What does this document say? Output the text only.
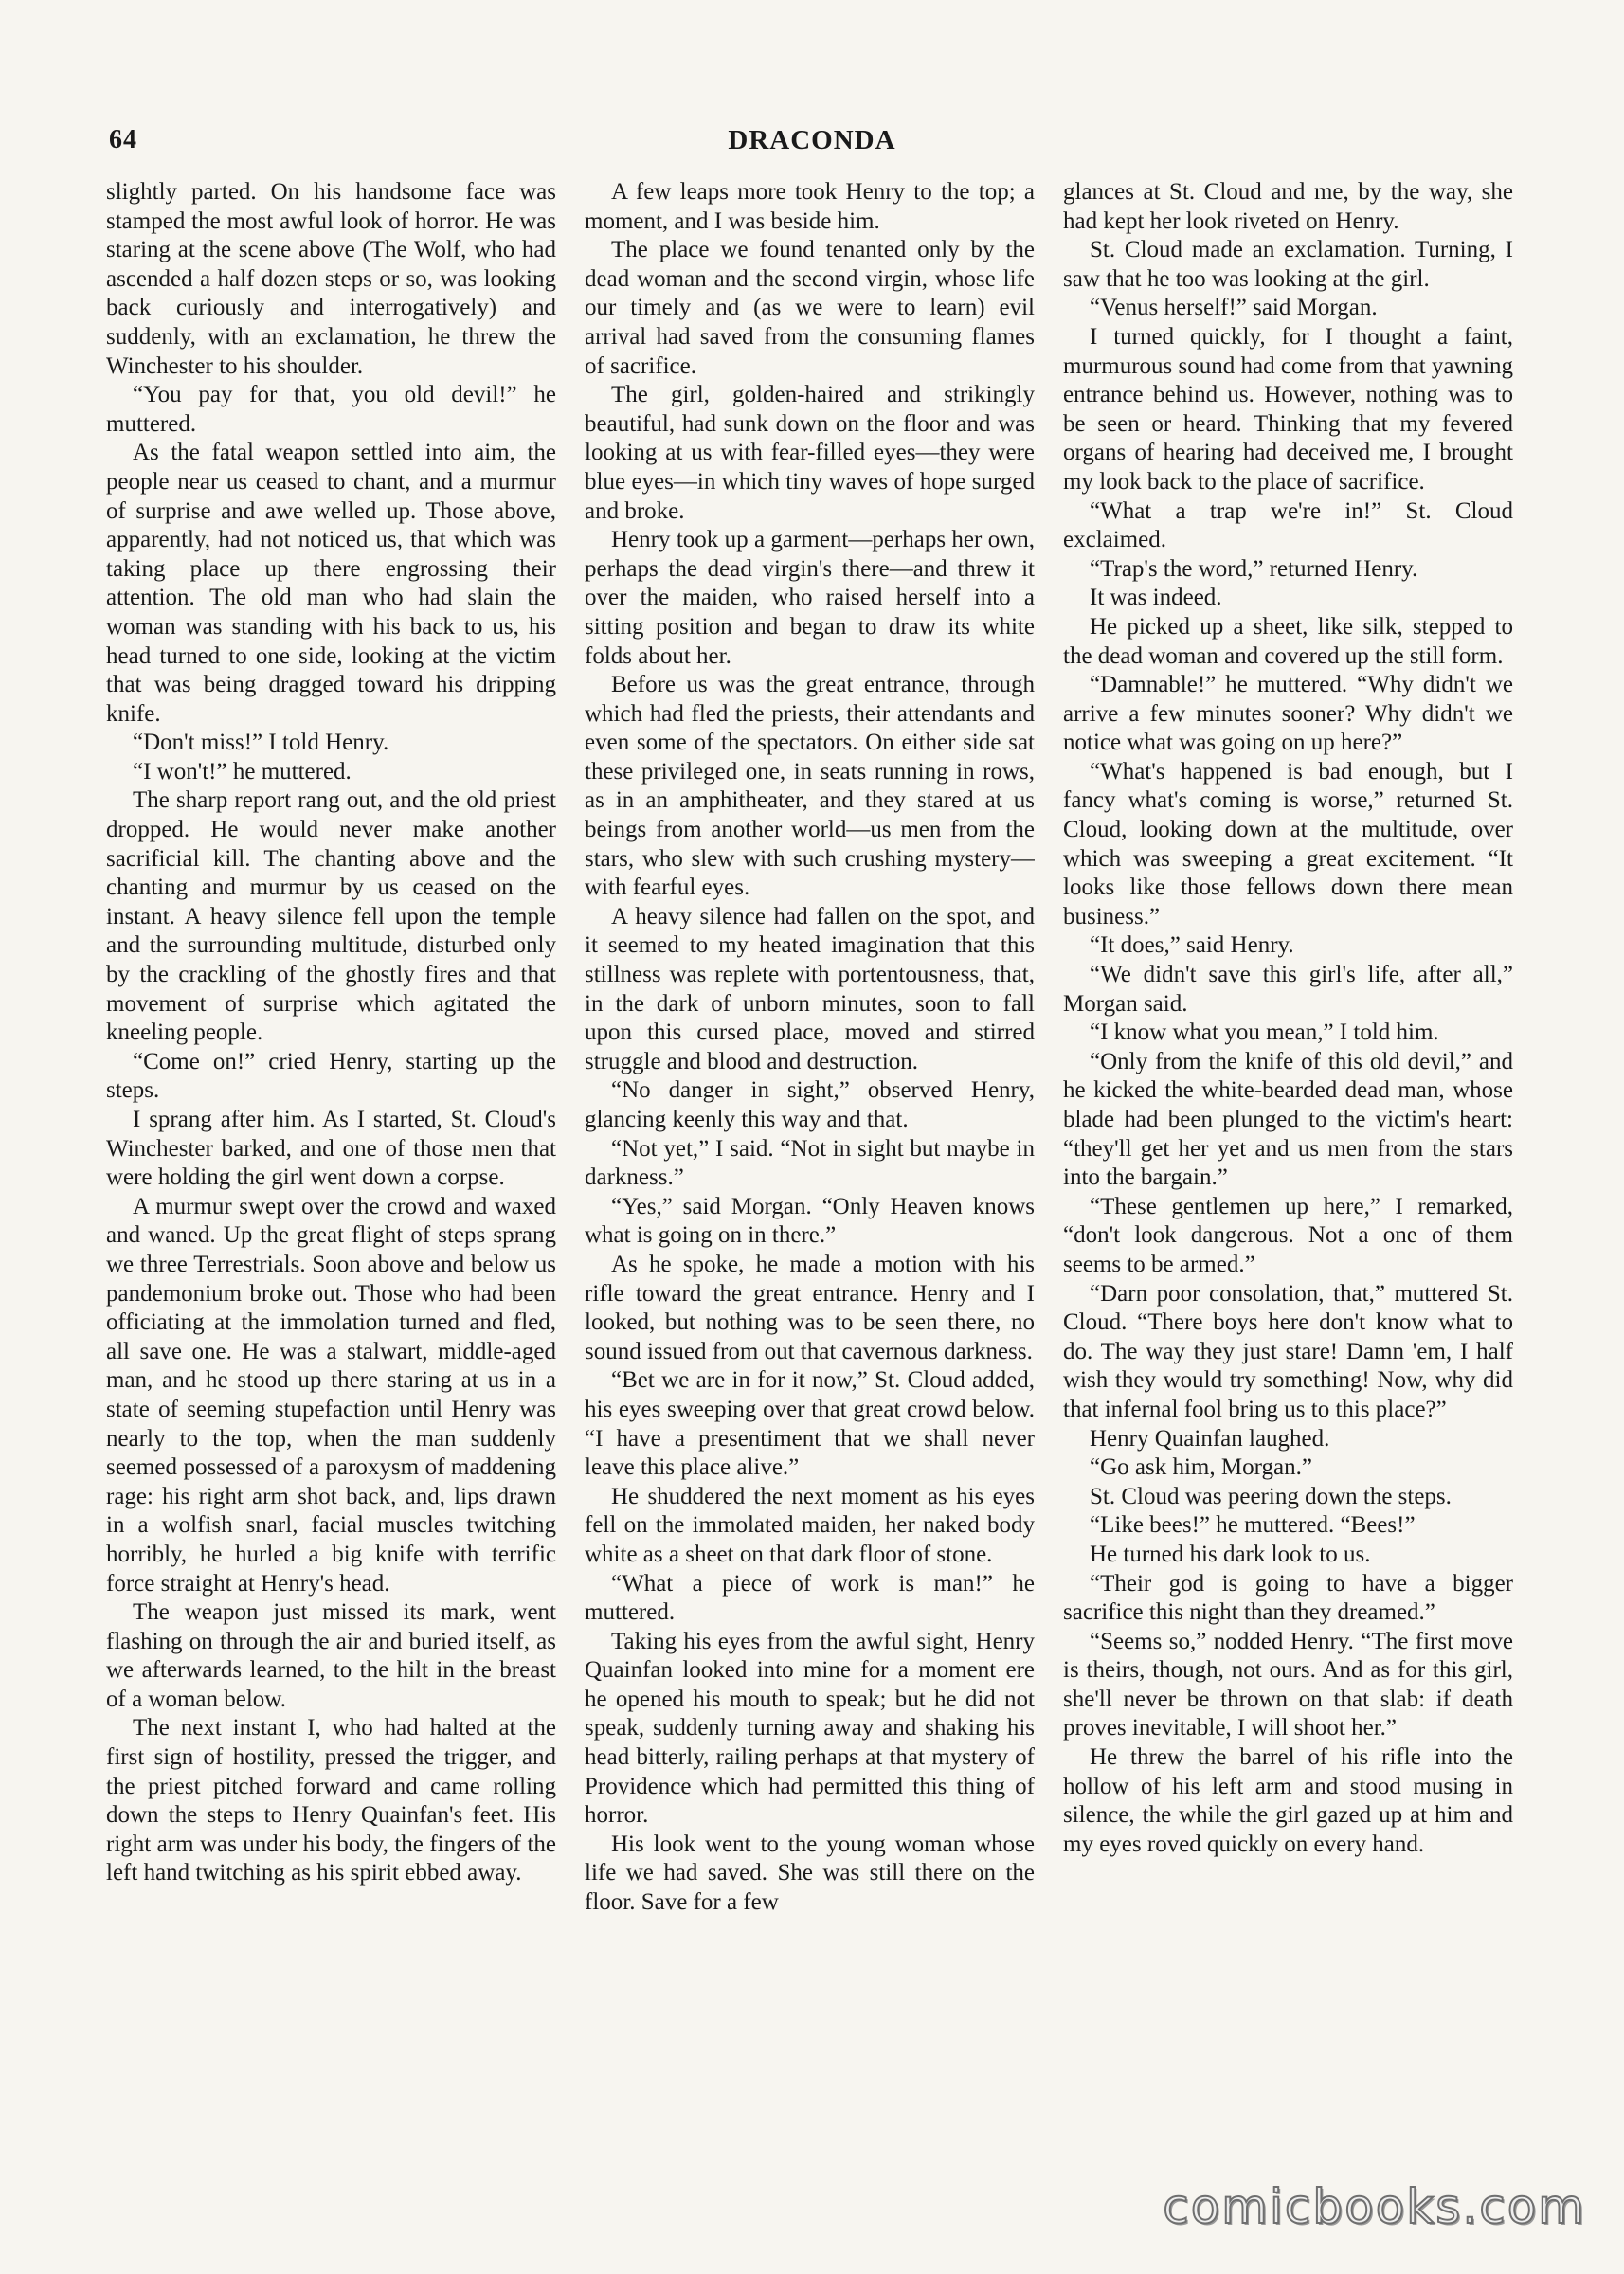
64	DRACONDA

slightly parted. On his handsome face was stamped the most awful look of horror. He was staring at the scene above (The Wolf, who had ascended a half dozen steps or so, was looking back curiously and interrogatively) and suddenly, with an exclamation, he threw the Winchester to his shoulder.

“You pay for that, you old devil!” he muttered.

As the fatal weapon settled into aim, the people near us ceased to chant, and a murmur of surprise and awe welled up. Those above, apparently, had not noticed us, that which was taking place up there engrossing their attention. The old man who had slain the woman was standing with his back to us, his head turned to one side, looking at the victim that was being dragged toward his dripping knife.

“Don't miss!” I told Henry.

“I won't!” he muttered.

The sharp report rang out, and the old priest dropped. He would never make another sacrificial kill. The chanting above and the chanting and murmur by us ceased on the instant. A heavy silence fell upon the temple and the surrounding multitude, disturbed only by the crackling of the ghostly fires and that movement of surprise which agitated the kneeling people.

“Come on!” cried Henry, starting up the steps.

I sprang after him. As I started, St. Cloud's Winchester barked, and one of those men that were holding the girl went down a corpse.

A murmur swept over the crowd and waxed and waned. Up the great flight of steps sprang we three Terrestrials. Soon above and below us pandemonium broke out. Those who had been officiating at the immolation turned and fled, all save one. He was a stalwart, middle-aged man, and he stood up there staring at us in a state of seeming stupefaction until Henry was nearly to the top, when the man suddenly seemed possessed of a paroxysm of maddening rage: his right arm shot back, and, lips drawn in a wolfish snarl, facial muscles twitching horribly, he hurled a big knife with terrific force straight at Henry's head.

The weapon just missed its mark, went flashing on through the air and buried itself, as we afterwards learned, to the hilt in the breast of a woman below.

The next instant I, who had halted at the first sign of hostility, pressed the trigger, and the priest pitched forward and came rolling down the steps to Henry Quainfan's feet. His right arm was under his body, the fingers of the left hand twitching as his spirit ebbed away.

A few leaps more took Henry to the top; a moment, and I was beside him.

The place we found tenanted only by the dead woman and the second virgin, whose life our timely and (as we were to learn) evil arrival had saved from the consuming flames of sacrifice.

The girl, golden-haired and strikingly beautiful, had sunk down on the floor and was looking at us with fear-filled eyes—they were blue eyes—in which tiny waves of hope surged and broke.

Henry took up a garment—perhaps her own, perhaps the dead virgin's there—and threw it over the maiden, who raised herself into a sitting position and began to draw its white folds about her.

Before us was the great entrance, through which had fled the priests, their attendants and even some of the spectators. On either side sat these privileged one, in seats running in rows, as in an amphitheater, and they stared at us beings from another world—us men from the stars, who slew with such crushing mystery—with fearful eyes.

A heavy silence had fallen on the spot, and it seemed to my heated imagination that this stillness was replete with portentousness, that, in the dark of unborn minutes, soon to fall upon this cursed place, moved and stirred struggle and blood and destruction.

“No danger in sight,” observed Henry, glancing keenly this way and that.

“Not yet,” I said. “Not in sight but maybe in darkness.”

“Yes,” said Morgan. “Only Heaven knows what is going on in there.”

As he spoke, he made a motion with his rifle toward the great entrance. Henry and I looked, but nothing was to be seen there, no sound issued from out that cavernous darkness.

“Bet we are in for it now,” St. Cloud added, his eyes sweeping over that great crowd below. “I have a presentiment that we shall never leave this place alive.”

He shuddered the next moment as his eyes fell on the immolated maiden, her naked body white as a sheet on that dark floor of stone.

“What a piece of work is man!” he muttered.

Taking his eyes from the awful sight, Henry Quainfan looked into mine for a moment ere he opened his mouth to speak; but he did not speak, suddenly turning away and shaking his head bitterly, railing perhaps at that mystery of Providence which had permitted this thing of horror.

His look went to the young woman whose life we had saved. She was still there on the floor. Save for a few

glances at St. Cloud and me, by the way, she had kept her look riveted on Henry.

St. Cloud made an exclamation. Turning, I saw that he too was looking at the girl.

“Venus herself!” said Morgan.

I turned quickly, for I thought a faint, murmurous sound had come from that yawning entrance behind us. However, nothing was to be seen or heard. Thinking that my fevered organs of hearing had deceived me, I brought my look back to the place of sacrifice.

“What a trap we're in!” St. Cloud exclaimed.

“Trap's the word,” returned Henry.

It was indeed.

He picked up a sheet, like silk, stepped to the dead woman and covered up the still form.

“Damnable!” he muttered. “Why didn't we arrive a few minutes sooner? Why didn't we notice what was going on up here?”

“What's happened is bad enough, but I fancy what's coming is worse,” returned St. Cloud, looking down at the multitude, over which was sweeping a great excitement. “It looks like those fellows down there mean business.”

“It does,” said Henry.

“We didn't save this girl's life, after all,” Morgan said.

“I know what you mean,” I told him.

“Only from the knife of this old devil,” and he kicked the white-bearded dead man, whose blade had been plunged to the victim's heart: “they'll get her yet and us men from the stars into the bargain.”

“These gentlemen up here,” I remarked, “don't look dangerous. Not a one of them seems to be armed.”

“Darn poor consolation, that,” muttered St. Cloud. “There boys here don't know what to do. The way they just stare! Damn 'em, I half wish they would try something! Now, why did that infernal fool bring us to this place?”

Henry Quainfan laughed.

“Go ask him, Morgan.”

St. Cloud was peering down the steps.

“Like bees!” he muttered. “Bees!”

He turned his dark look to us.

“Their god is going to have a bigger sacrifice this night than they dreamed.”

“Seems so,” nodded Henry. “The first move is theirs, though, not ours. And as for this girl, she'll never be thrown on that slab: if death proves inevitable, I will shoot her.”

He threw the barrel of his rifle into the hollow of his left arm and stood musing in silence, the while the girl gazed up at him and my eyes roved quickly on every hand.

comicbooks.com
